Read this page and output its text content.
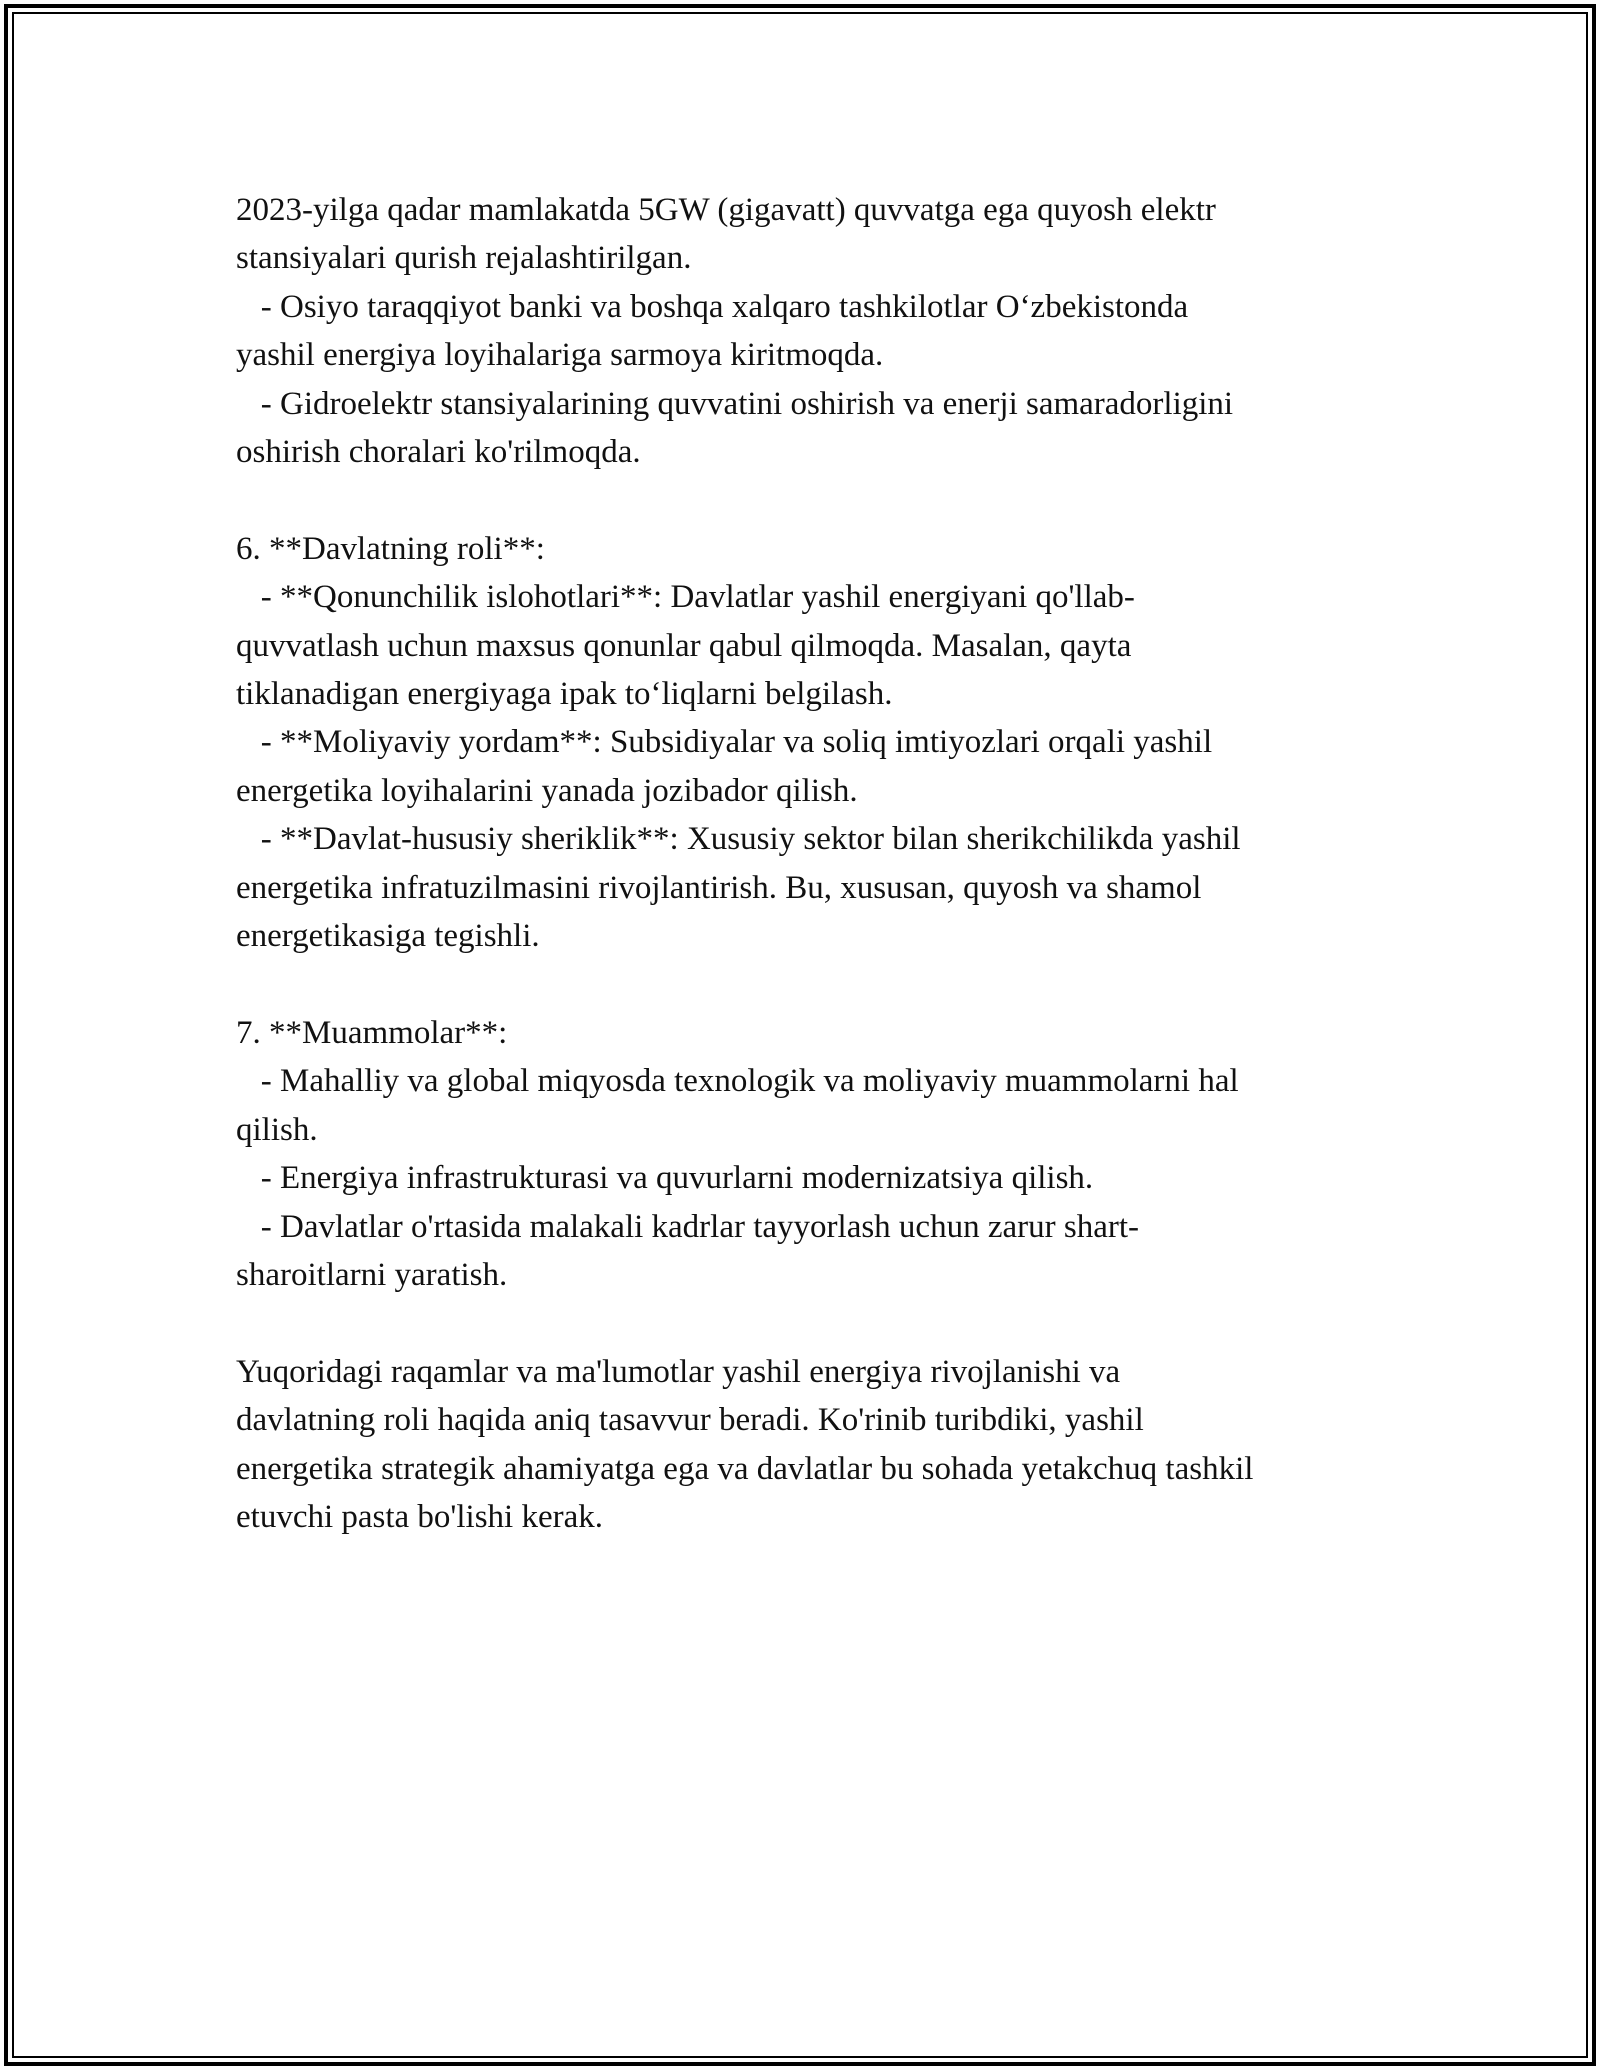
2023-yilga qadar mamlakatda 5GW (gigavatt) quvvatga ega quyosh elektr
stansiyalari qurish rejalashtirilgan.
- Osiyo taraqqiyot banki va boshqa xalqaro tashkilotlar O‘zbekistonda
yashil energiya loyihalariga sarmoya kiritmoqda.
- Gidroelektr stansiyalarining quvvatini oshirish va enerji samaradorligini
oshirish choralari ko'rilmoqda.
6. **Davlatning roli**:
- **Qonunchilik islohotlari**: Davlatlar yashil energiyani qo'llab-
quvvatlash uchun maxsus qonunlar qabul qilmoqda. Masalan, qayta
tiklanadigan energiyaga ipak to‘liqlarni belgilash.
- **Moliyaviy yordam**: Subsidiyalar va soliq imtiyozlari orqali yashil
energetika loyihalarini yanada jozibador qilish.
- **Davlat-hususiy sheriklik**: Xususiy sektor bilan sherikchilikda yashil
energetika infratuzilmasini rivojlantirish. Bu, xususan, quyosh va shamol
energetikasiga tegishli.
7. **Muammolar**:
- Mahalliy va global miqyosda texnologik va moliyaviy muammolarni hal
qilish.
- Energiya infrastrukturasi va quvurlarni modernizatsiya qilish.
- Davlatlar o'rtasida malakali kadrlar tayyorlash uchun zarur shart-
sharoitlarni yaratish.
Yuqoridagi raqamlar va ma'lumotlar yashil energiya rivojlanishi va
davlatning roli haqida aniq tasavvur beradi. Ko'rinib turibdiki, yashil
energetika strategik ahamiyatga ega va davlatlar bu sohada yetakchuq tashkil
etuvchi pasta bo'lishi kerak.
